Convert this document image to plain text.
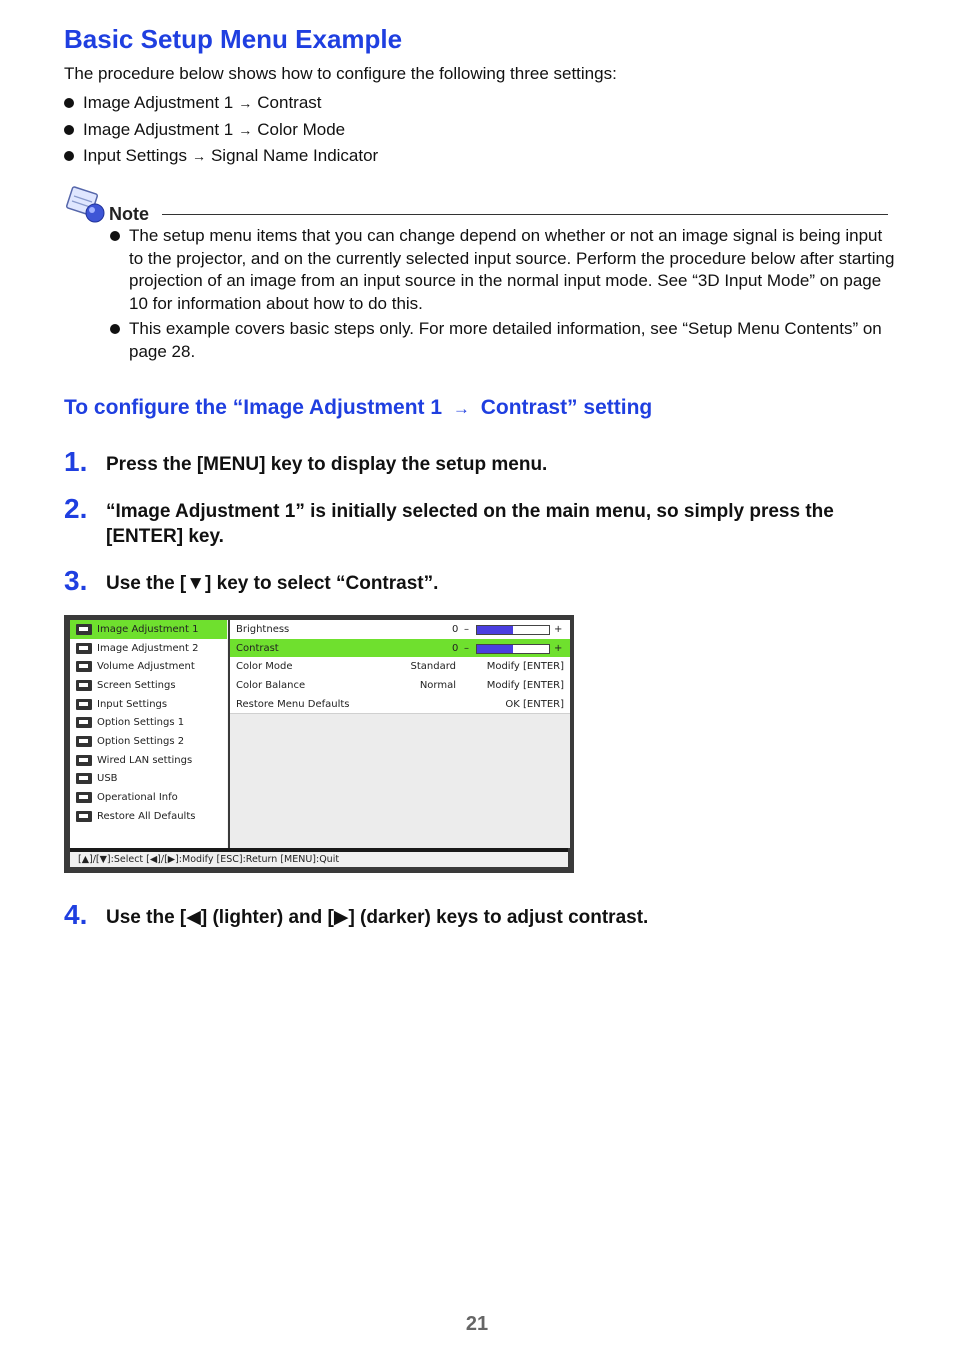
Basic Setup Menu Example
The procedure below shows how to configure the following three settings:
Image Adjustment 1 → Contrast
Image Adjustment 1 → Color Mode
Input Settings → Signal Name Indicator
Note
The setup menu items that you can change depend on whether or not an image signal is being input to the projector, and on the currently selected input source. Perform the procedure below after starting projection of an image from an input source in the normal input mode. See “3D Input Mode” on page 10 for information about how to do this.
This example covers basic steps only. For more detailed information, see “Setup Menu Contents” on page 28.
To configure the “Image Adjustment 1 → Contrast” setting
1. Press the [MENU] key to display the setup menu.
2. “Image Adjustment 1” is initially selected on the main menu, so simply press the [ENTER] key.
3. Use the [▼] key to select “Contrast”.
Image Adjustment 1
Image Adjustment 2
Volume Adjustment
Screen Settings
Input Settings
Option Settings 1
Option Settings 2
Wired LAN settings
USB
Operational Info
Restore All Defaults
Brightness	0 –	+
Contrast	0 –	+
Color Mode	Standard	Modify [ENTER]
Color Balance	Normal	Modify [ENTER]
Restore Menu Defaults	OK [ENTER]
[▲]/[▼]:Select [◀]/[▶]:Modify [ESC]:Return [MENU]:Quit
4. Use the [◀] (lighter) and [▶] (darker) keys to adjust contrast.
21
